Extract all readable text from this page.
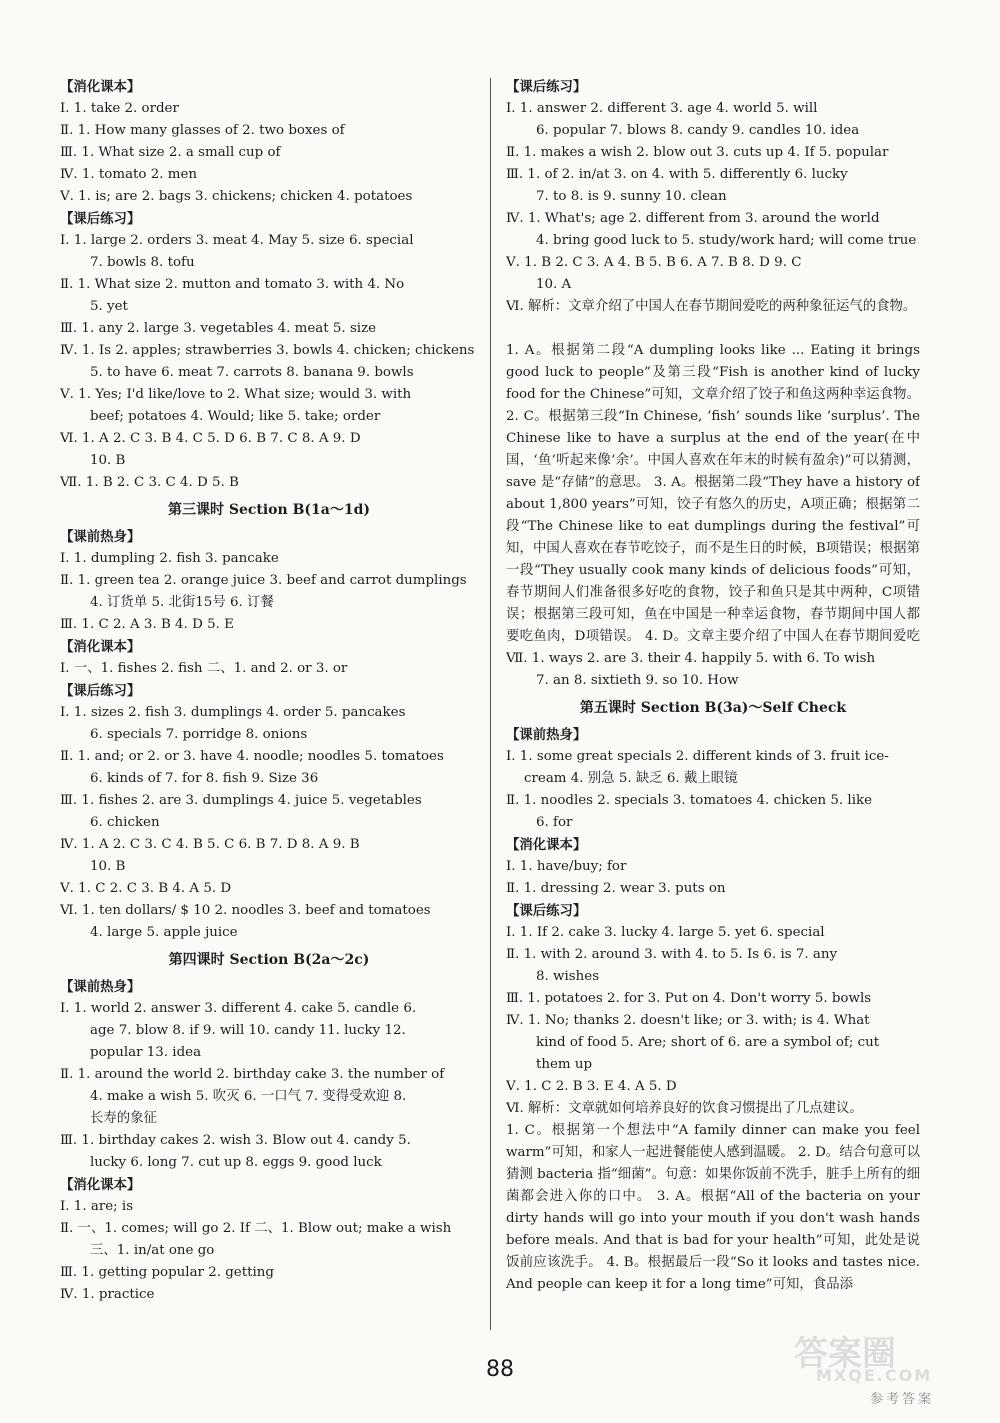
【消化课本】
Ⅰ. 1. take 2. order
Ⅱ. 1. How many glasses of 2. two boxes of
Ⅲ. 1. What size 2. a small cup of
Ⅳ. 1. tomato 2. men
Ⅴ. 1. is; are 2. bags 3. chickens; chicken 4. potatoes
【课后练习】
Ⅰ. 1. large 2. orders 3. meat 4. May 5. size 6. special
7. bowls 8. tofu
Ⅱ. 1. What size 2. mutton and tomato 3. with 4. No
5. yet
Ⅲ. 1. any 2. large 3. vegetables 4. meat 5. size
Ⅳ. 1. Is 2. apples; strawberries 3. bowls 4. chicken; chickens
5. to have 6. meat 7. carrots 8. banana 9. bowls
Ⅴ. 1. Yes; I'd like/love to 2. What size; would 3. with
beef; potatoes 4. Would; like 5. take; order
Ⅵ. 1. A 2. C 3. B 4. C 5. D 6. B 7. C 8. A 9. D
10. B
Ⅶ. 1. B 2. C 3. C 4. D 5. B
第三课时 Section B(1a～1d)
【课前热身】
Ⅰ. 1. dumpling 2. fish 3. pancake
Ⅱ. 1. green tea 2. orange juice 3. beef and carrot dumplings
4. 订货单 5. 北街15号 6. 订餐
Ⅲ. 1. C 2. A 3. B 4. D 5. E
【消化课本】
Ⅰ. 一、1. fishes 2. fish 二、1. and 2. or 3. or
【课后练习】
Ⅰ. 1. sizes 2. fish 3. dumplings 4. order 5. pancakes
6. specials 7. porridge 8. onions
Ⅱ. 1. and; or 2. or 3. have 4. noodle; noodles 5. tomatoes
6. kinds of 7. for 8. fish 9. Size 36
Ⅲ. 1. fishes 2. are 3. dumplings 4. juice 5. vegetables
6. chicken
Ⅳ. 1. A 2. C 3. C 4. B 5. C 6. B 7. D 8. A 9. B
10. B
Ⅴ. 1. C 2. C 3. B 4. A 5. D
Ⅵ. 1. ten dollars/ $ 10 2. noodles 3. beef and tomatoes
4. large 5. apple juice
第四课时 Section B(2a～2c)
【课前热身】
Ⅰ. 1. world 2. answer 3. different 4. cake 5. candle 6.
age 7. blow 8. if 9. will 10. candy 11. lucky 12.
popular 13. idea
Ⅱ. 1. around the world 2. birthday cake 3. the number of
4. make a wish 5. 吹灭 6. 一口气 7. 变得受欢迎 8.
长寿的象征
Ⅲ. 1. birthday cakes 2. wish 3. Blow out 4. candy 5.
lucky 6. long 7. cut up 8. eggs 9. good luck
【消化课本】
Ⅰ. 1. are; is
Ⅱ. 一、1. comes; will go 2. If 二、1. Blow out; make a wish
三、1. in/at one go
Ⅲ. 1. getting popular 2. getting
Ⅳ. 1. practice
【课后练习】
Ⅰ. 1. answer 2. different 3. age 4. world 5. will
6. popular 7. blows 8. candy 9. candles 10. idea
Ⅱ. 1. makes a wish 2. blow out 3. cuts up 4. If 5. popular
Ⅲ. 1. of 2. in/at 3. on 4. with 5. differently 6. lucky
7. to 8. is 9. sunny 10. clean
Ⅳ. 1. What's; age 2. different from 3. around the world
4. bring good luck to 5. study/work hard; will come true
Ⅴ. 1. B 2. C 3. A 4. B 5. B 6. A 7. B 8. D 9. C
10. A
Ⅵ. 解析：文章介绍了中国人在春节期间爱吃的两种象征运气的食物。
1. A。根据第二段“A dumpling looks like ... Eating it brings good luck to people”及第三段“Fish is another kind of lucky food for the Chinese”可知，文章介绍了饺子和鱼这两种幸运食物。 2. C。根据第三段“In Chinese, ‘fish’ sounds like ‘surplus’. The Chinese like to have a surplus at the end of the year(在中国，‘鱼’听起来像‘余’。中国人喜欢在年末的时候有盈余)”可以猜测，save 是“存储”的意思。 3. A。根据第二段“They have a history of about 1,800 years”可知，饺子有悠久的历史，A项正确；根据第二段“The Chinese like to eat dumplings during the festival”可知，中国人喜欢在春节吃饺子，而不是生日的时候，B项错误；根据第一段“They usually cook many kinds of delicious foods”可知，春节期间人们准备很多好吃的食物，饺子和鱼只是其中两种，C项错误；根据第三段可知，鱼在中国是一种幸运食物，春节期间中国人都要吃鱼肉，D项错误。 4. D。文章主要介绍了中国人在春节期间爱吃
Ⅶ. 1. ways 2. are 3. their 4. happily 5. with 6. To wish
7. an 8. sixtieth 9. so 10. How
第五课时 Section B(3a)～Self Check
【课前热身】
Ⅰ. 1. some great specials 2. different kinds of 3. fruit ice-
cream 4. 别急 5. 缺乏 6. 戴上眼镜
Ⅱ. 1. noodles 2. specials 3. tomatoes 4. chicken 5. like
6. for
【消化课本】
Ⅰ. 1. have/buy; for
Ⅱ. 1. dressing 2. wear 3. puts on
【课后练习】
Ⅰ. 1. If 2. cake 3. lucky 4. large 5. yet 6. special
Ⅱ. 1. with 2. around 3. with 4. to 5. Is 6. is 7. any
8. wishes
Ⅲ. 1. potatoes 2. for 3. Put on 4. Don't worry 5. bowls
Ⅳ. 1. No; thanks 2. doesn't like; or 3. with; is 4. What
kind of food 5. Are; short of 6. are a symbol of; cut
them up
Ⅴ. 1. C 2. B 3. E 4. A 5. D
Ⅵ. 解析：文章就如何培养良好的饮食习惯提出了几点建议。
1. C。根据第一个想法中“A family dinner can make you feel warm”可知，和家人一起进餐能使人感到温暖。 2. D。结合句意可以猜测 bacteria 指“细菌”。句意：如果你饭前不洗手，脏手上所有的细菌都会进入你的口中。 3. A。根据“All of the bacteria on your dirty hands will go into your mouth if you don't wash hands before meals. And that is bad for your health”可知，此处是说饭前应该洗手。 4. B。根据最后一段“So it looks and tastes nice. And people can keep it for a long time”可知，食品添
88	答案圈
MXQE.COM
参考答案
